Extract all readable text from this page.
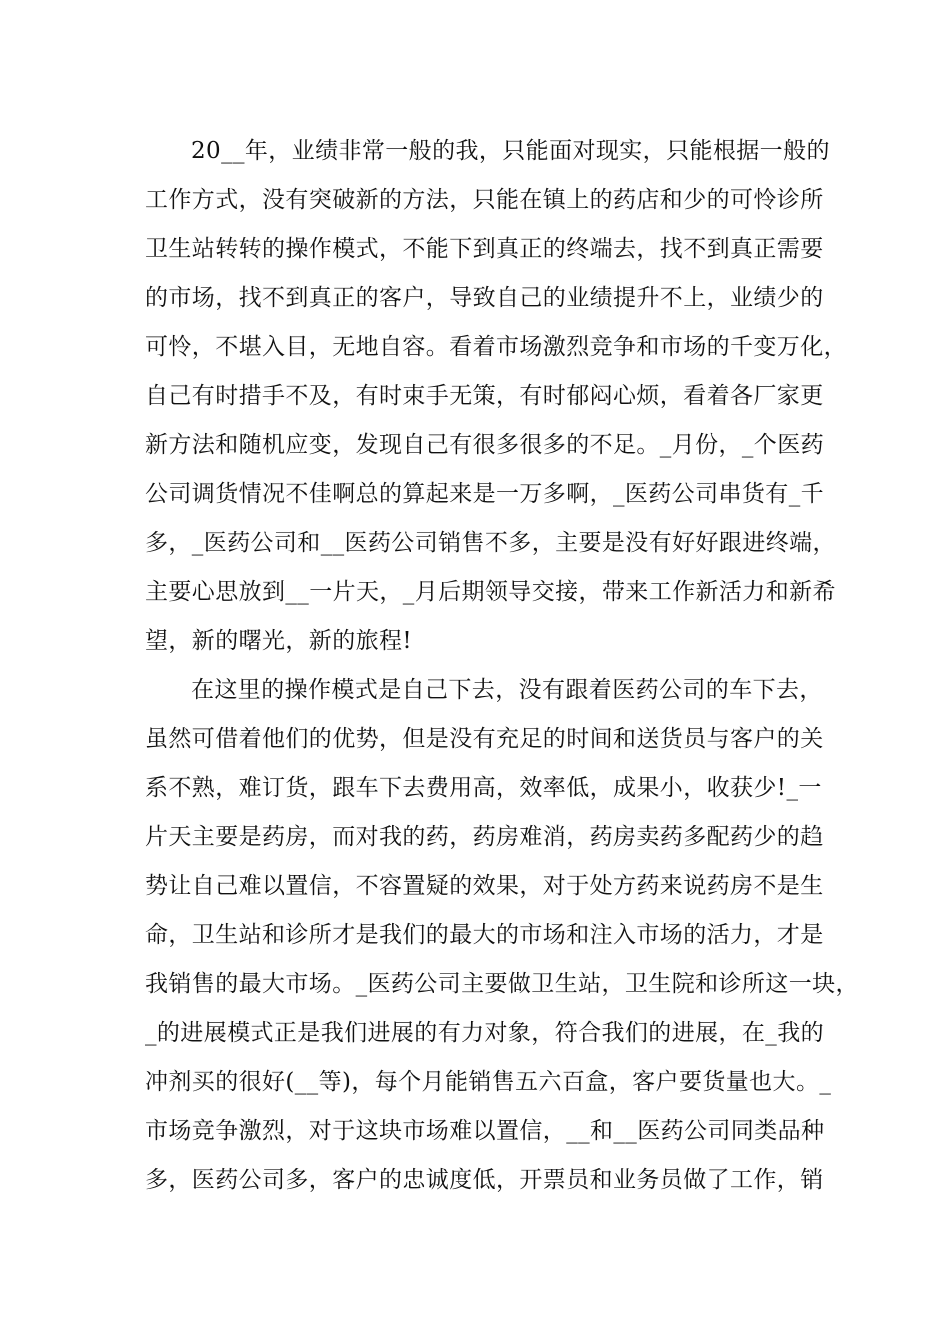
20__年，业绩非常一般的我，只能面对现实，只能根据一般的
工作方式，没有突破新的方法，只能在镇上的药店和少的可怜诊所
卫生站转转的操作模式，不能下到真正的终端去，找不到真正需要
的市场，找不到真正的客户，导致自己的业绩提升不上，业绩少的
可怜，不堪入目，无地自容。看着市场激烈竞争和市场的千变万化，
自己有时措手不及，有时束手无策，有时郁闷心烦，看着各厂家更
新方法和随机应变，发现自己有很多很多的不足。_月份，_个医药
公司调货情况不佳啊总的算起来是一万多啊，_医药公司串货有_千
多，_医药公司和__医药公司销售不多，主要是没有好好跟进终端，
主要心思放到__一片天，_月后期领导交接，带来工作新活力和新希
望，新的曙光，新的旅程!
在这里的操作模式是自己下去，没有跟着医药公司的车下去，
虽然可借着他们的优势，但是没有充足的时间和送货员与客户的关
系不熟，难订货，跟车下去费用高，效率低，成果小，收获少!_一
片天主要是药房，而对我的药，药房难消，药房卖药多配药少的趋
势让自己难以置信，不容置疑的效果，对于处方药来说药房不是生
命，卫生站和诊所才是我们的最大的市场和注入市场的活力，才是
我销售的最大市场。_医药公司主要做卫生站，卫生院和诊所这一块，
_的进展模式正是我们进展的有力对象，符合我们的进展，在_我的
冲剂买的很好(__等)，每个月能销售五六百盒，客户要货量也大。_
市场竞争激烈，对于这块市场难以置信，__和__医药公司同类品种
多，医药公司多，客户的忠诚度低，开票员和业务员做了工作，销
